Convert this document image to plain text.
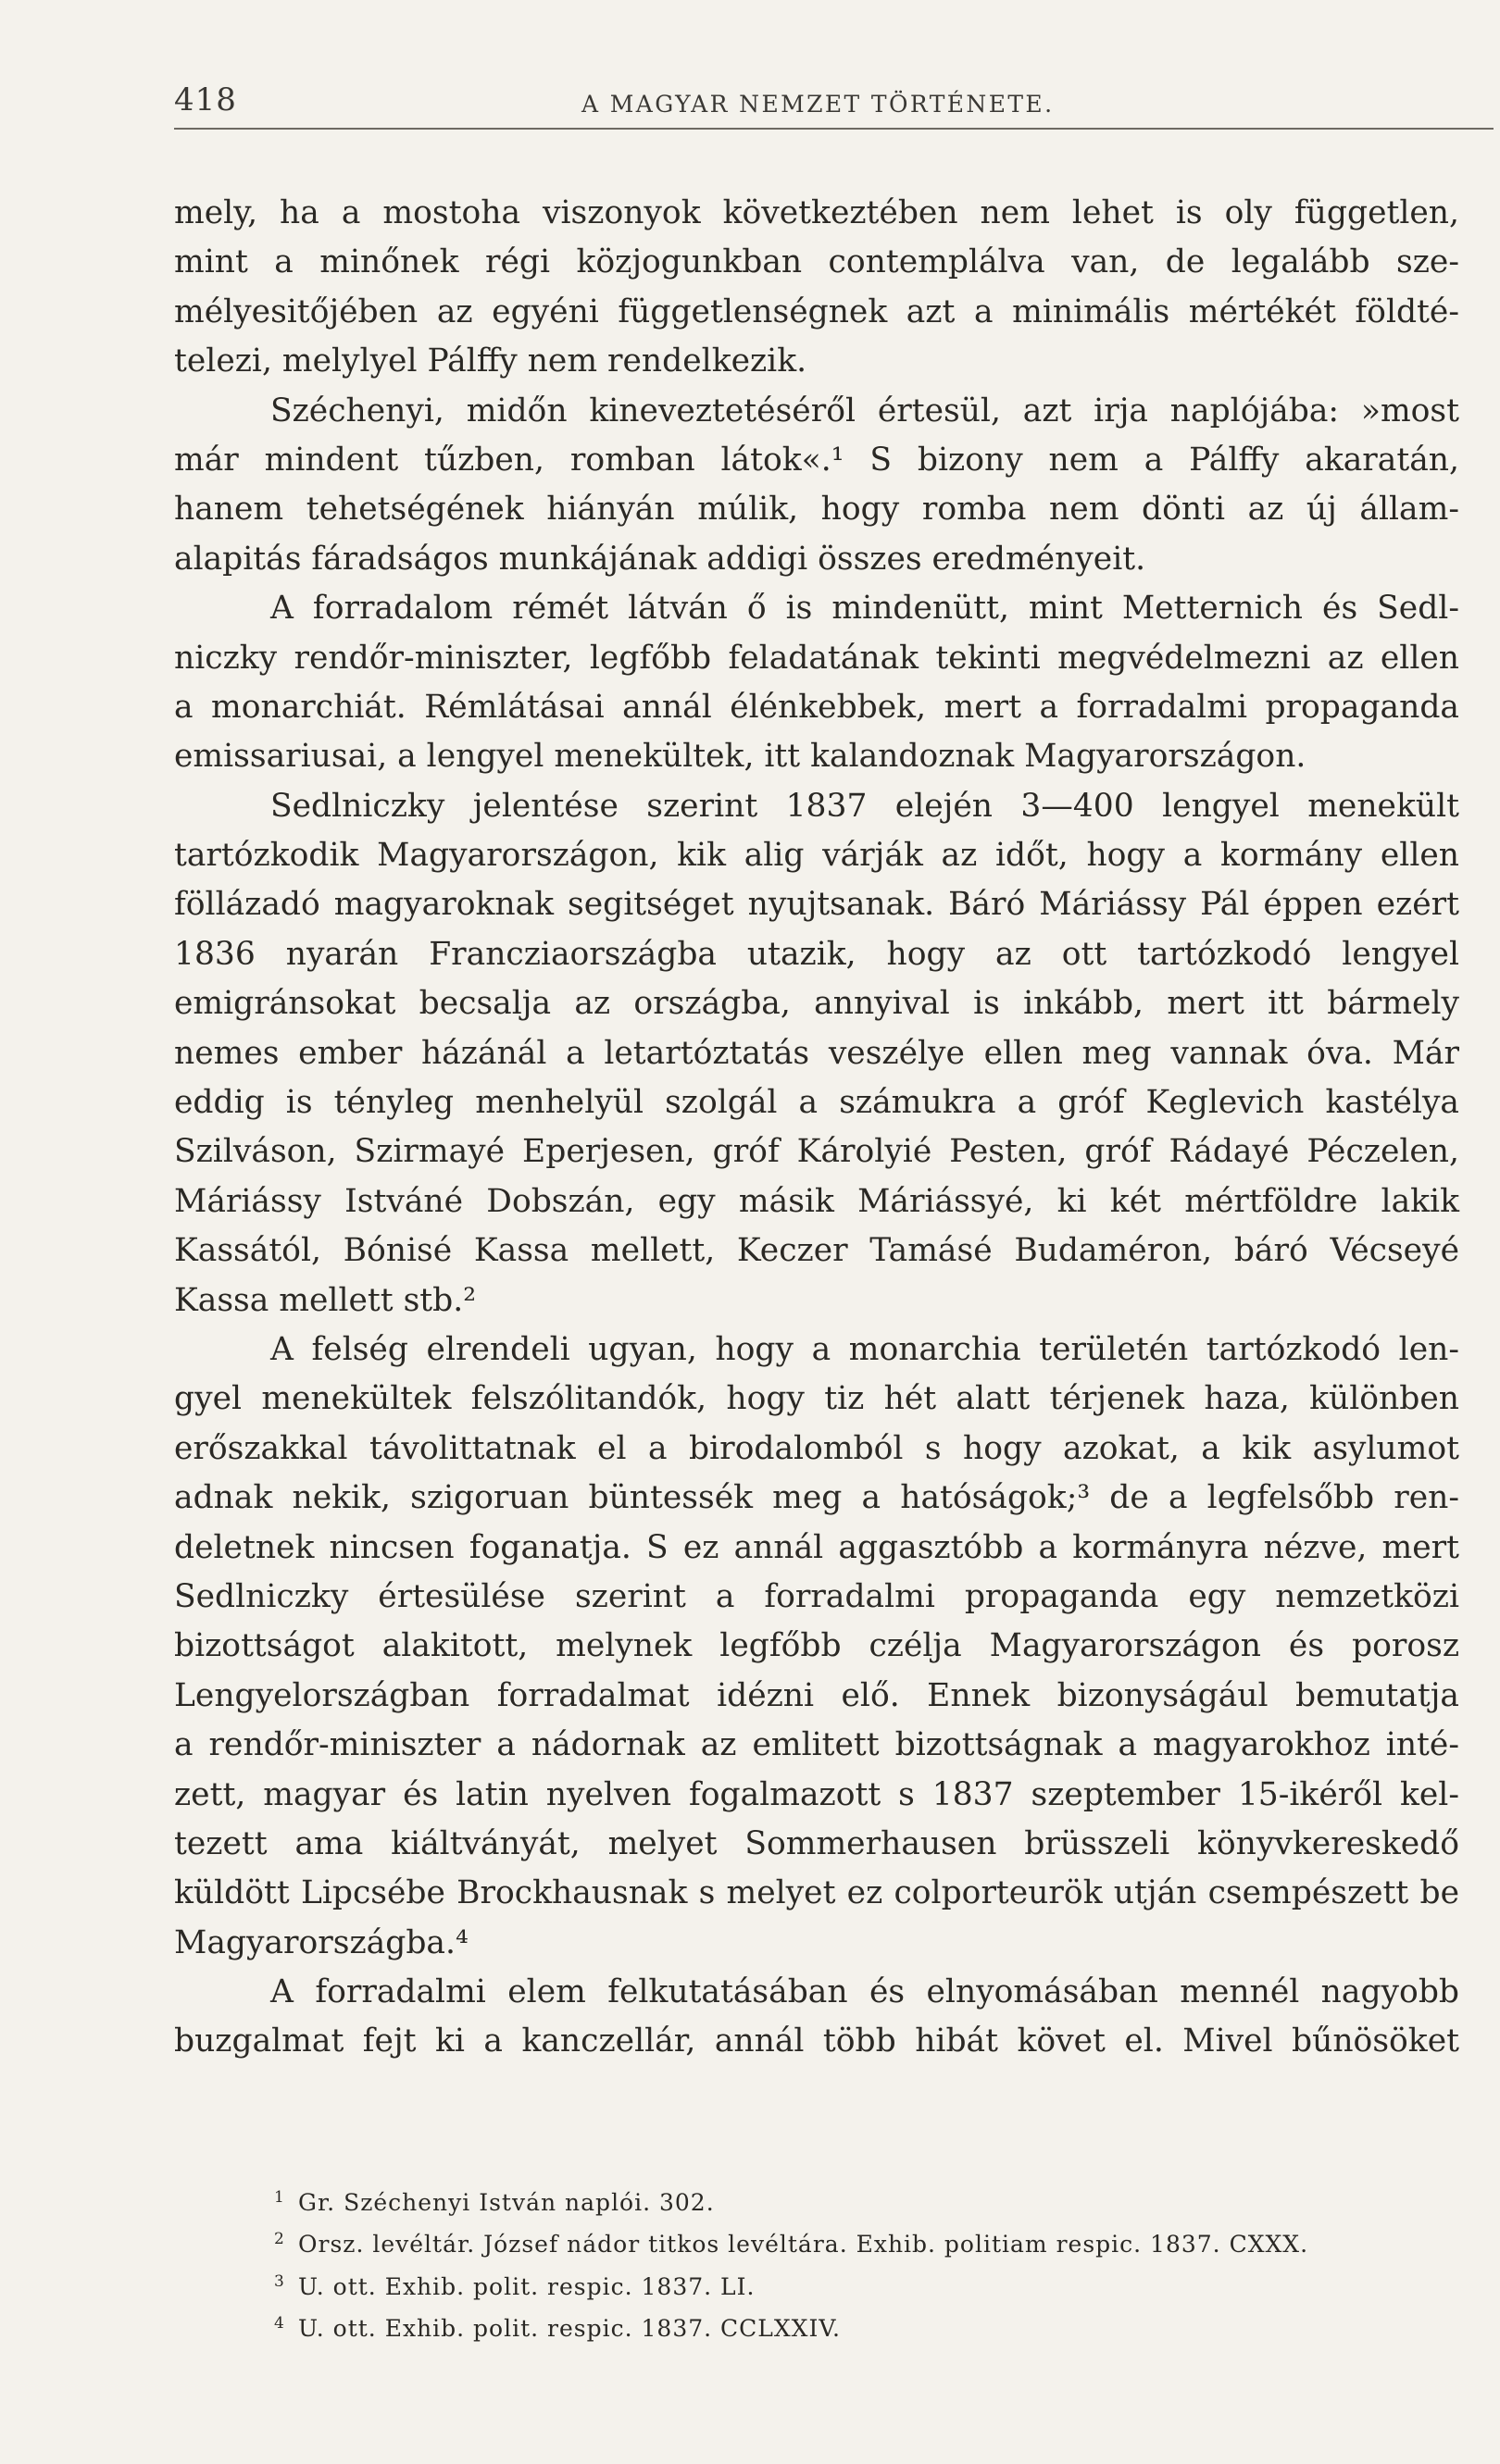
418	A MAGYAR NEMZET TÖRTÉNETE.
mely, ha a mostoha viszonyok következtében nem lehet is oly független,
mint a minőnek régi közjogunkban contemplálva van, de legalább sze-
mélyesitőjében az egyéni függetlenségnek azt a minimális mértékét földté-
telezi, melylyel Pálffy nem rendelkezik.
Széchenyi, midőn kineveztetéséről értesül, azt irja naplójába: »most
már mindent tűzben, romban látok«.¹ S bizony nem a Pálffy akaratán,
hanem tehetségének hiányán múlik, hogy romba nem dönti az új állam-
alapitás fáradságos munkájának addigi összes eredményeit.
A forradalom rémét látván ő is mindenütt, mint Metternich és Sedl-
niczky rendőr-miniszter, legfőbb feladatának tekinti megvédelmezni az ellen
a monarchiát. Rémlátásai annál élénkebbek, mert a forradalmi propaganda
emissariusai, a lengyel menekültek, itt kalandoznak Magyarországon.
Sedlniczky jelentése szerint 1837 elején 3—400 lengyel menekült
tartózkodik Magyarországon, kik alig várják az időt, hogy a kormány ellen
föllázadó magyaroknak segitséget nyujtsanak. Báró Máriássy Pál éppen ezért
1836 nyarán Francziaországba utazik, hogy az ott tartózkodó lengyel
emigránsokat becsalja az országba, annyival is inkább, mert itt bármely
nemes ember házánál a letartóztatás veszélye ellen meg vannak óva. Már
eddig is tényleg menhelyül szolgál a számukra a gróf Keglevich kastélya
Szilváson, Szirmayé Eperjesen, gróf Károlyié Pesten, gróf Rádayé Péczelen,
Máriássy Istváné Dobszán, egy másik Máriássyé, ki két mértföldre lakik
Kassától, Bónisé Kassa mellett, Keczer Tamásé Budaméron, báró Vécseyé
Kassa mellett stb.²
A felség elrendeli ugyan, hogy a monarchia területén tartózkodó len-
gyel menekültek felszólitandók, hogy tiz hét alatt térjenek haza, különben
erőszakkal távolittatnak el a birodalomból s hogy azokat, a kik asylumot
adnak nekik, szigoruan büntessék meg a hatóságok;³ de a legfelsőbb ren-
deletnek nincsen foganatja. S ez annál aggasztóbb a kormányra nézve, mert
Sedlniczky értesülése szerint a forradalmi propaganda egy nemzetközi
bizottságot alakitott, melynek legfőbb czélja Magyarországon és porosz
Lengyelországban forradalmat idézni elő. Ennek bizonyságául bemutatja
a rendőr-miniszter a nádornak az emlitett bizottságnak a magyarokhoz inté-
zett, magyar és latin nyelven fogalmazott s 1837 szeptember 15-ikéről kel-
tezett ama kiáltványát, melyet Sommerhausen brüsszeli könyvkereskedő
küldött Lipcsébe Brockhausnak s melyet ez colporteurök utján csempészett be
Magyarországba.⁴
A forradalmi elem felkutatásában és elnyomásában mennél nagyobb
buzgalmat fejt ki a kanczellár, annál több hibát követ el. Mivel bűnösöket
1 Gr. Széchenyi István naplói. 302.
2 Orsz. levéltár. József nádor titkos levéltára. Exhib. politiam respic. 1837. CXXX.
3 U. ott. Exhib. polit. respic. 1837. LI.
4 U. ott. Exhib. polit. respic. 1837. CCLXXIV.
